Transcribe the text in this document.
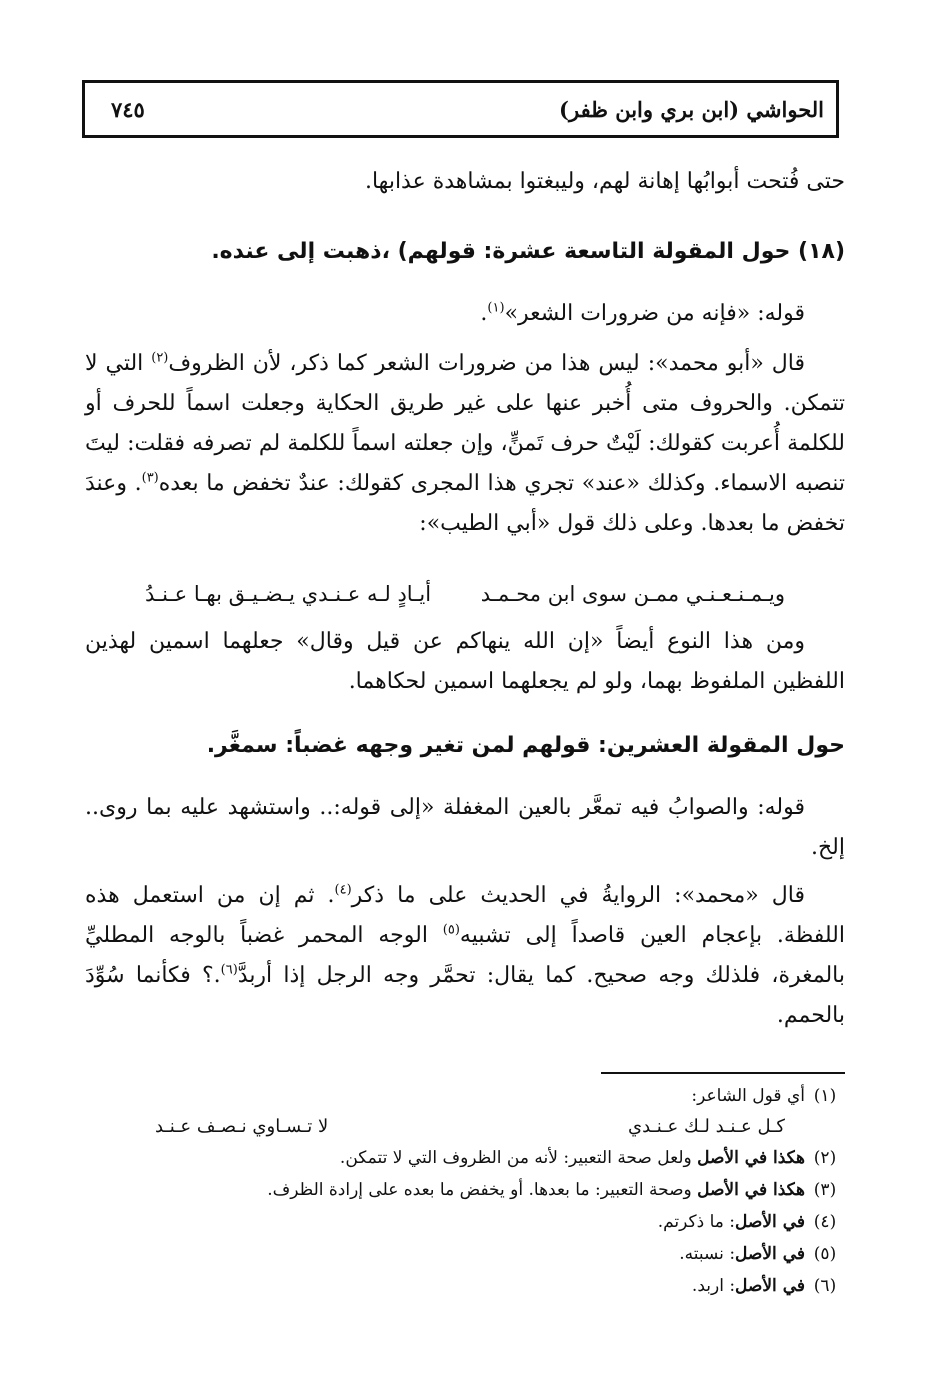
الحواشي (ابن بري وابن ظفر)
٧٤٥
حتى فُتحت أبوابُها إهانة لهم، وليبغتوا بمشاهدة عذابها.
(١٨) حول المقولة التاسعة عشرة: قولهم) ،ذهبت إلى عنده.
قوله: «فإنه من ضرورات الشعر»$^{(١)}$.
قال «أبو محمد»: ليس هذا من ضرورات الشعر كما ذكر، لأن الظروف$^{(٢)}$ التي لا تتمكن. والحروف متى أُخبر عنها على غير طريق الحكاية وجعلت اسماً للحرف أو للكلمة أُعربت كقولك: لَيْتٌ حرف تَمنٍّ، وإن جعلته اسماً للكلمة لم تصرفه فقلت: ليتَ تنصبه الاسماء. وكذلك «عند» تجري هذا المجرى كقولك: عندٌ تخفض ما بعده$^{(٣)}$. وعندَ تخفض ما بعدها. وعلى ذلك قول «أبي الطيب»:
ويـمـنـعـنـي ممـن سوى ابن محـمـد
أيـادٍ لـه عـنـدي يـضـيـق بهـا عـنـدُ
ومن هذا النوع أيضاً «إن الله ينهاكم عن قيل وقال» جعلهما اسمين لهذين اللفظين الملفوظ بهما، ولو لم يجعلهما اسمين لحكاهما.
حول المقولة العشرين: قولهم لمن تغير وجهه غضباً: سمغَّر.
قوله: والصوابُ فيه تمعَّر بالعين المغفلة «إلى قوله:.. واستشهد عليه بما روى.. إلخ.
قال «محمد»: الروايةُ في الحديث على ما ذكر$^{(٤)}$. ثم إن من استعمل هذه اللفظة. بإعجام العين قاصداً إلى تشبيه$^{(٥)}$ الوجه المحمر غضباً بالوجه المطليِّ بالمغرة، فلذلك وجه صحيح. كما يقال: تحمَّر وجه الرجل إذا أربدَّ$^{(٦)}$.؟ فكأنما سُوِّدَ بالحمم.
(١)أي قول الشاعر:
كـل عـنـد لـك عـنـدي
لا تـسـاوي نـصـف عـنـد
(٢)هكذا في الأصل ولعل صحة التعبير: لأنه من الظروف التي لا تتمكن.
(٣)هكذا في الأصل وصحة التعبير: ما بعدها. أو يخفض ما بعده على إرادة الظرف.
(٤)في الأصل: ما ذكرتم.
(٥)في الأصل: نسبته.
(٦)في الأصل: اربد.
